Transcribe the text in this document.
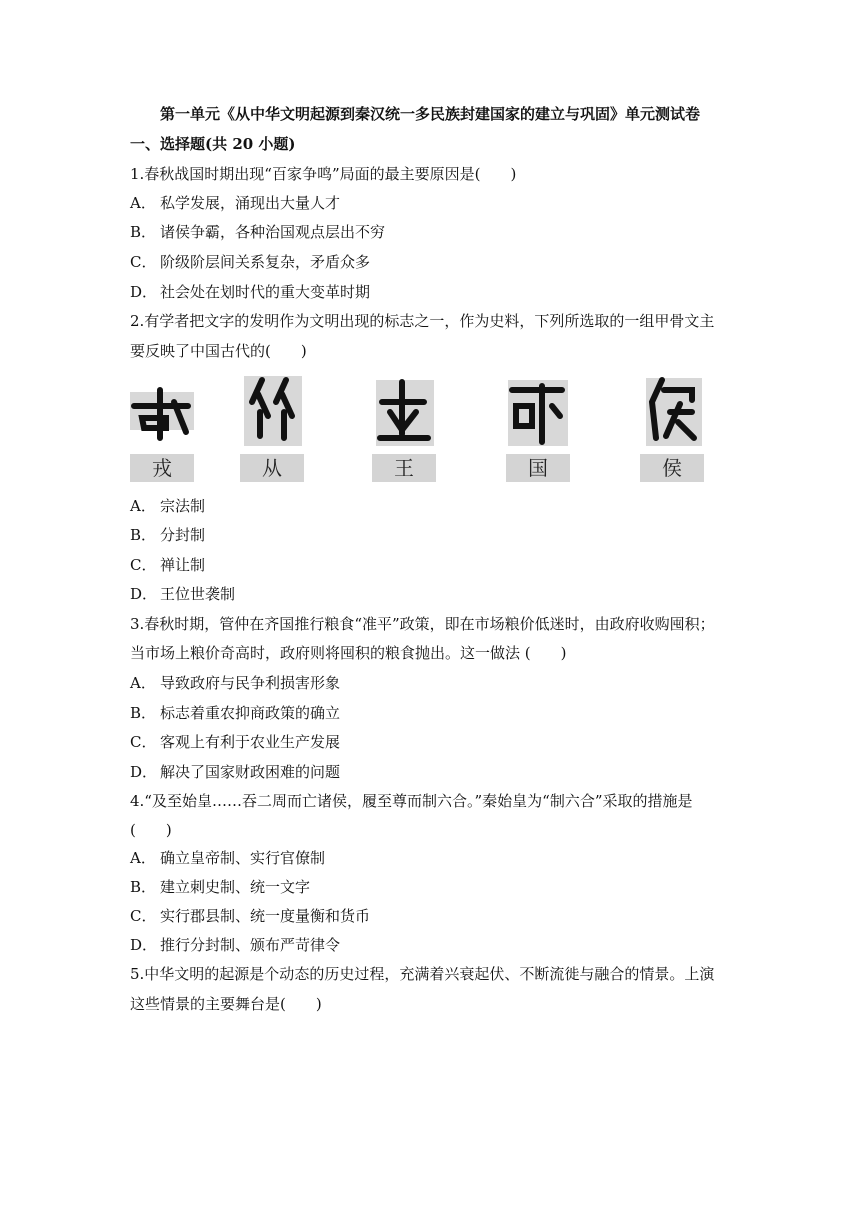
第一单元《从中华文明起源到秦汉统一多民族封建国家的建立与巩固》单元测试卷
一、选择题(共 20 小题)
1.春秋战国时期出现“百家争鸣”局面的最主要原因是(　　)
A． 私学发展，涌现出大量人才
B． 诸侯争霸，各种治国观点层出不穷
C． 阶级阶层间关系复杂，矛盾众多
D． 社会处在划时代的重大变革时期
2.有学者把文字的发明作为文明出现的标志之一，作为史料，下列所选取的一组甲骨文主
要反映了中国古代的(　　)
戎	从	王	国	侯
A． 宗法制
B． 分封制
C． 禅让制
D． 王位世袭制
3.春秋时期，管仲在齐国推行粮食“准平”政策，即在市场粮价低迷时，由政府收购囤积；
当市场上粮价奇高时，政府则将囤积的粮食抛出。这一做法 (　　)
A． 导致政府与民争利损害形象
B． 标志着重农抑商政策的确立
C． 客观上有利于农业生产发展
D． 解决了国家财政困难的问题
4.“及至始皇……吞二周而亡诸侯，履至尊而制六合。”秦始皇为“制六合”采取的措施是
(　　)
A． 确立皇帝制、实行官僚制
B． 建立刺史制、统一文字
C． 实行郡县制、统一度量衡和货币
D． 推行分封制、颁布严苛律令
5.中华文明的起源是个动态的历史过程，充满着兴衰起伏、不断流徙与融合的情景。上演
这些情景的主要舞台是(　　)
